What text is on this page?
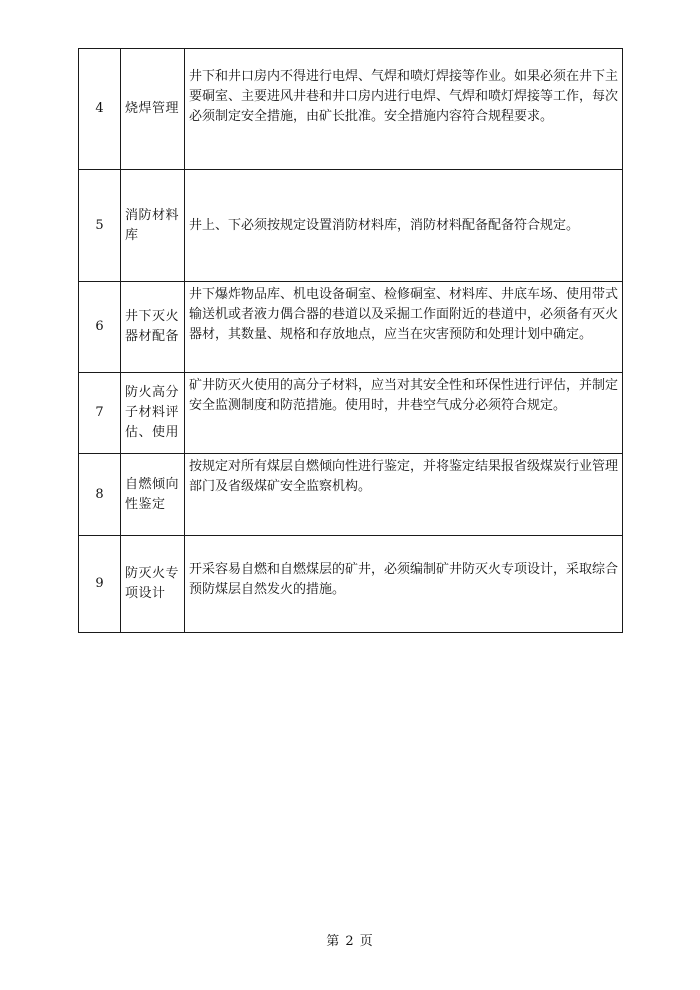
4	烧焊管理	井下和井口房内不得进行电焊、气焊和喷灯焊接等作业。如果必须在井下主要硐室、主要进风井巷和井口房内进行电焊、气焊和喷灯焊接等工作，每次必须制定安全措施，由矿长批准。安全措施内容符合规程要求。
5	消防材料库	井上、下必须按规定设置消防材料库，消防材料配备配备符合规定。
6	井下灭火器材配备	井下爆炸物品库、机电设备硐室、检修硐室、材料库、井底车场、使用带式输送机或者液力偶合器的巷道以及采掘工作面附近的巷道中，必须备有灭火器材，其数量、规格和存放地点，应当在灾害预防和处理计划中确定。
7	防火高分子材料评估、使用	矿井防灭火使用的高分子材料，应当对其安全性和环保性进行评估，并制定安全监测制度和防范措施。使用时，井巷空气成分必须符合规定。
8	自燃倾向性鉴定	按规定对所有煤层自燃倾向性进行鉴定，并将鉴定结果报省级煤炭行业管理部门及省级煤矿安全监察机构。
9	防灭火专项设计	开采容易自燃和自燃煤层的矿井，必须编制矿井防灭火专项设计，采取综合预防煤层自然发火的措施。
第 2 页
